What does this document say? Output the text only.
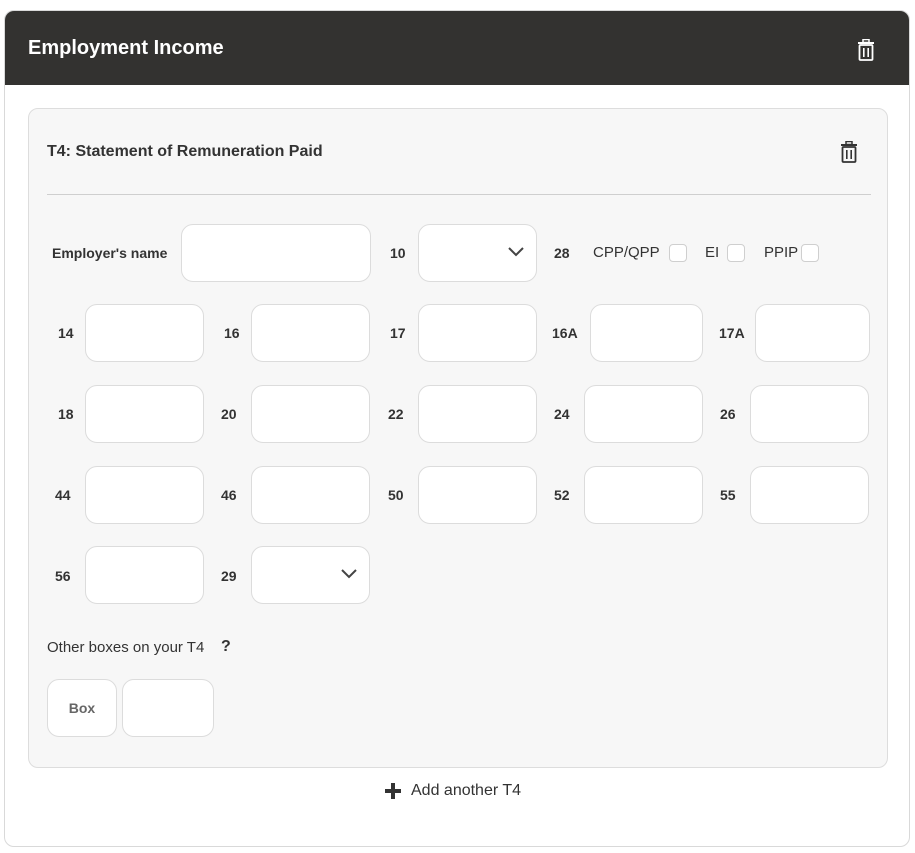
Employment Income
T4: Statement of Remuneration Paid
Employer's name	10	28 CPP/QPP	EI	PPIP
14	16	17	16A	17A
18	20	22	24	26
44	46	50	52	55
56	29
Other boxes on your T4 ?
Box
Add another T4
